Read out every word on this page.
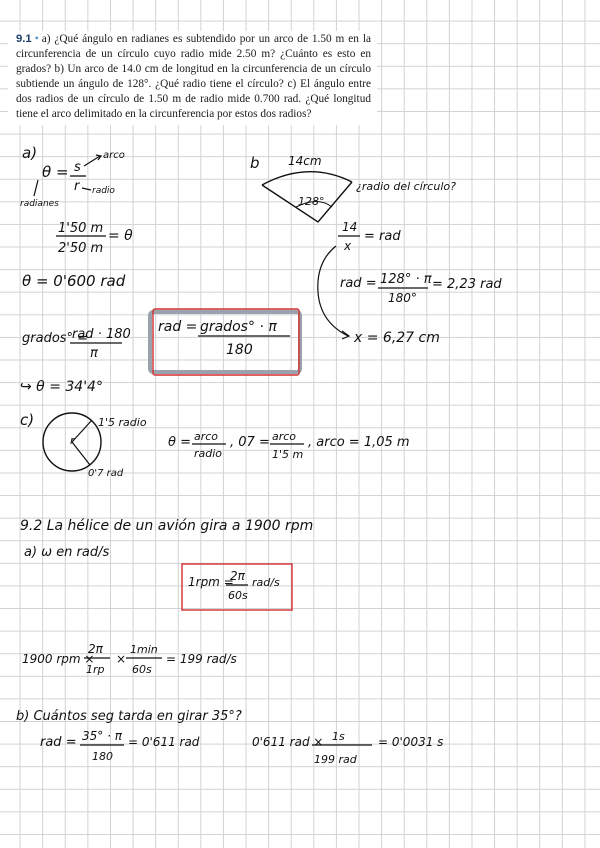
9.1 • a) ¿Qué ángulo en radianes es subtendido por un arco de 1.50 m en la circunferencia de un círculo cuyo radio mide 2.50 m? ¿Cuánto es esto en grados? b) Un arco de 14.0 cm de longitud en la circunferencia de un círculo subtiende un ángulo de 128°. ¿Qué radio tiene el círculo? c) El ángulo entre dos radios de un círculo de 1.50 m de radio mide 0.700 rad. ¿Qué longitud tiene el arco delimitado en la circunferencia por estos dos radios?
a)
θ = s
r
arco
radio
radianes
1'50 m
2'50 m
= θ
θ = 0'600 rad
grados° =
rad · 180
π
rad = grados° · π
180
↪ θ = 34'4°
b 14cm
128°
¿radio del círculo?
14
x
= rad
rad = 128° · π
180°
= 2,23 rad
x = 6,27 cm
c)
r
1'5 radio
0'7 rad
θ = arco
radio
, 07 = arco
1'5 m
, arco = 1,05 m
9.2 La hélice de un avión gira a 1900 rpm
a) ω en rad/s
1rpm =
2π
60s
rad/s
1900 rpm ×
2π
1rp
×
1min
60s
= 199 rad/s
b) Cuántos seg tarda en girar 35°?
rad = 35° · π
180
= 0'611 rad	0'611 rad × 1s
199 rad
= 0'0031 s
